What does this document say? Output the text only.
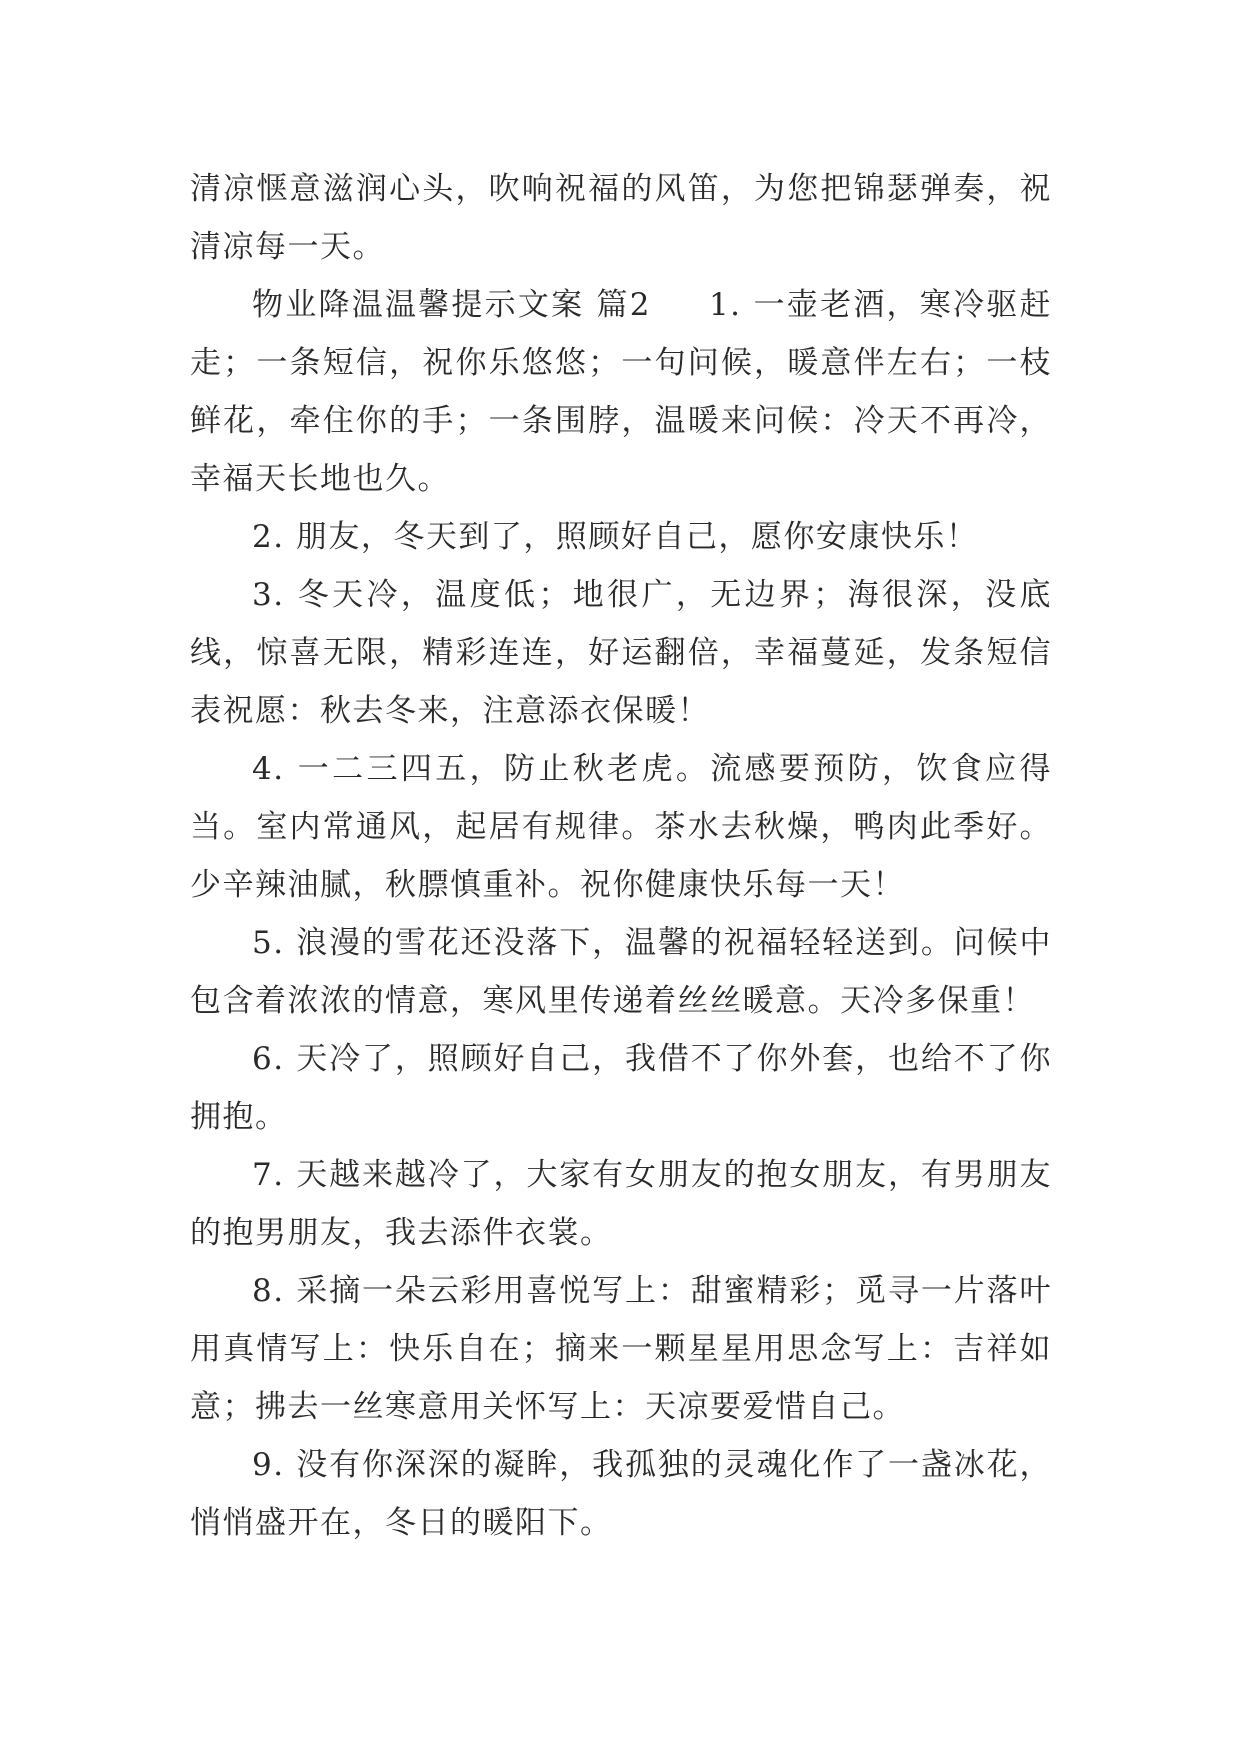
清凉惬意滋润心头，吹响祝福的风笛，为您把锦瑟弹奏，祝清凉每一天。

物业降温温馨提示文案 篇2 1. 一壶老酒，寒冷驱赶走；一条短信，祝你乐悠悠；一句问候，暖意伴左右；一枝鲜花，牵住你的手；一条围脖，温暖来问候：冷天不再冷，幸福天长地也久。

2. 朋友，冬天到了，照顾好自己，愿你安康快乐！

3. 冬天冷，温度低；地很广，无边界；海很深，没底线，惊喜无限，精彩连连，好运翻倍，幸福蔓延，发条短信表祝愿：秋去冬来，注意添衣保暖！

4. 一二三四五，防止秋老虎。流感要预防，饮食应得当。室内常通风，起居有规律。茶水去秋燥，鸭肉此季好。少辛辣油腻，秋膘慎重补。祝你健康快乐每一天！

5. 浪漫的雪花还没落下，温馨的祝福轻轻送到。问候中包含着浓浓的情意，寒风里传递着丝丝暖意。天冷多保重！

6. 天冷了，照顾好自己，我借不了你外套，也给不了你拥抱。

7. 天越来越冷了，大家有女朋友的抱女朋友，有男朋友的抱男朋友，我去添件衣裳。

8. 采摘一朵云彩用喜悦写上：甜蜜精彩；觅寻一片落叶用真情写上：快乐自在；摘来一颗星星用思念写上：吉祥如意；拂去一丝寒意用关怀写上：天凉要爱惜自己。

9. 没有你深深的凝眸，我孤独的灵魂化作了一盏冰花，悄悄盛开在，冬日的暖阳下。
